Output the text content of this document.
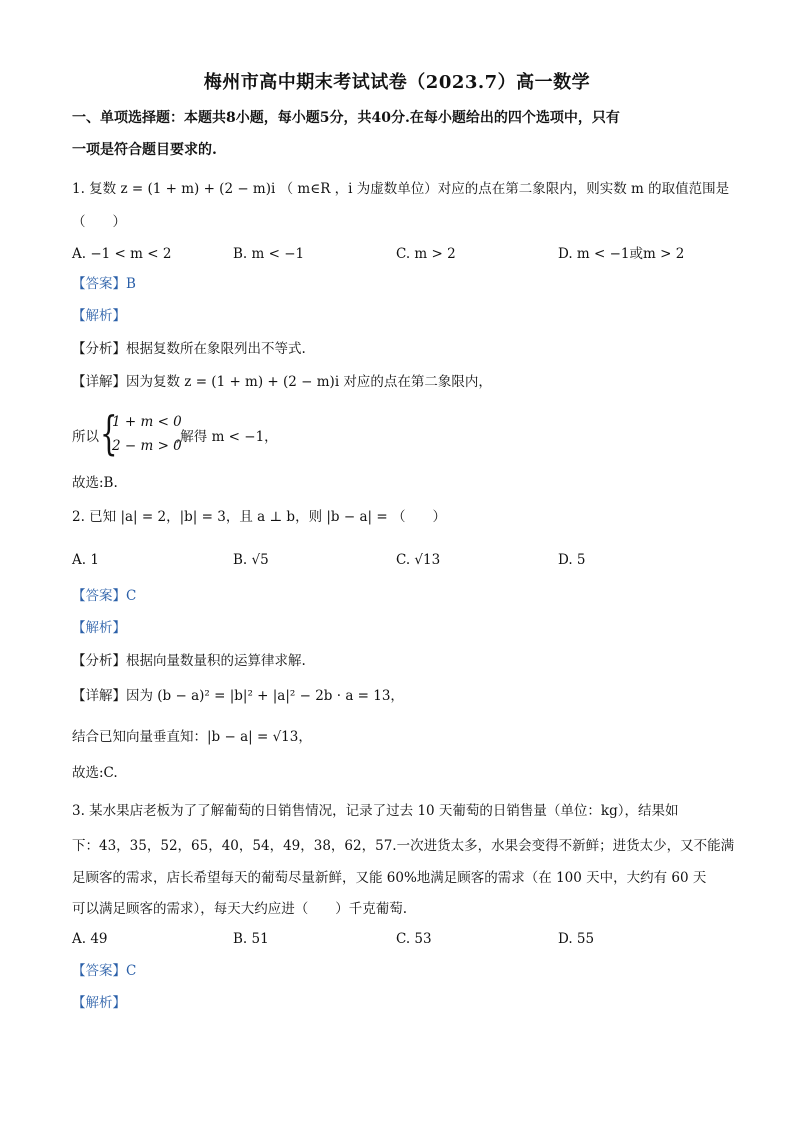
梅州市高中期末考试试卷（2023.7）高一数学
一、单项选择题：本题共8小题，每小题5分，共40分.在每小题给出的四个选项中，只有
一项是符合题目要求的.
1. 复数 z = (1 + m) + (2 − m)i （ m∈R ，i 为虚数单位）对应的点在第二象限内，则实数 m 的取值范围是
（　　）
A. −1 < m < 2	B. m < −1	C. m > 2	D. m < −1或m > 2
【答案】B
【解析】
【分析】根据复数所在象限列出不等式.
【详解】因为复数 z = (1 + m) + (2 − m)i 对应的点在第二象限内，
所以 {
1 + m < 0
2 − m > 0
,解得 m < −1，
故选:B.
2. 已知 |a| = 2，|b| = 3，且 a ⊥ b，则 |b − a| = （　　）
A. 1	B. √5	C. √13	D. 5
【答案】C
【解析】
【分析】根据向量数量积的运算律求解.
【详解】因为 (b − a)² = |b|² + |a|² − 2b · a = 13，
结合已知向量垂直知：|b − a| = √13，
故选:C.
3. 某水果店老板为了了解葡萄的日销售情况，记录了过去 10 天葡萄的日销售量（单位：kg），结果如
下：43，35，52，65，40，54，49，38，62，57.一次进货太多，水果会变得不新鲜；进货太少，又不能满
足顾客的需求，店长希望每天的葡萄尽量新鲜，又能 60%地满足顾客的需求（在 100 天中，大约有 60 天
可以满足顾客的需求），每天大约应进（　　）千克葡萄.
A. 49	B. 51	C. 53	D. 55
【答案】C
【解析】
